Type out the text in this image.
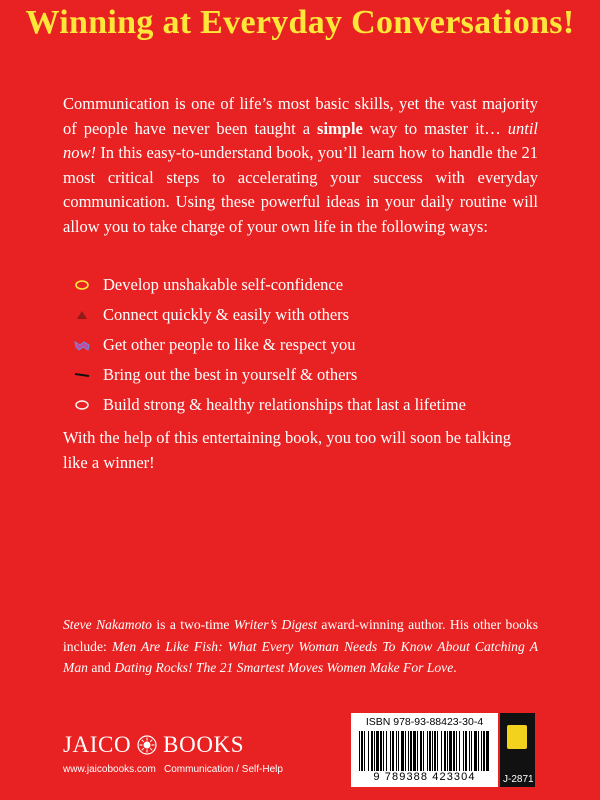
Winning at Everyday Conversations!
Communication is one of life’s most basic skills, yet the vast majority of people have never been taught a simple way to master it… until now! In this easy-to-understand book, you’ll learn how to handle the 21 most critical steps to accelerating your success with everyday communication. Using these powerful ideas in your daily routine will allow you to take charge of your own life in the following ways:
Develop unshakable self-confidence
Connect quickly & easily with others
Get other people to like & respect you
Bring out the best in yourself & others
Build strong & healthy relationships that last a lifetime
With the help of this entertaining book, you too will soon be talking like a winner!
Steve Nakamoto is a two-time Writer’s Digest award-winning author. His other books include: Men Are Like Fish: What Every Woman Needs To Know About Catching A Man and Dating Rocks! The 21 Smartest Moves Women Make For Love.
JAICO BOOKS
www.jaicobooks.com Communication / Self-Help
ISBN 978-93-88423-30-4
9 789388 423304	J-2871
